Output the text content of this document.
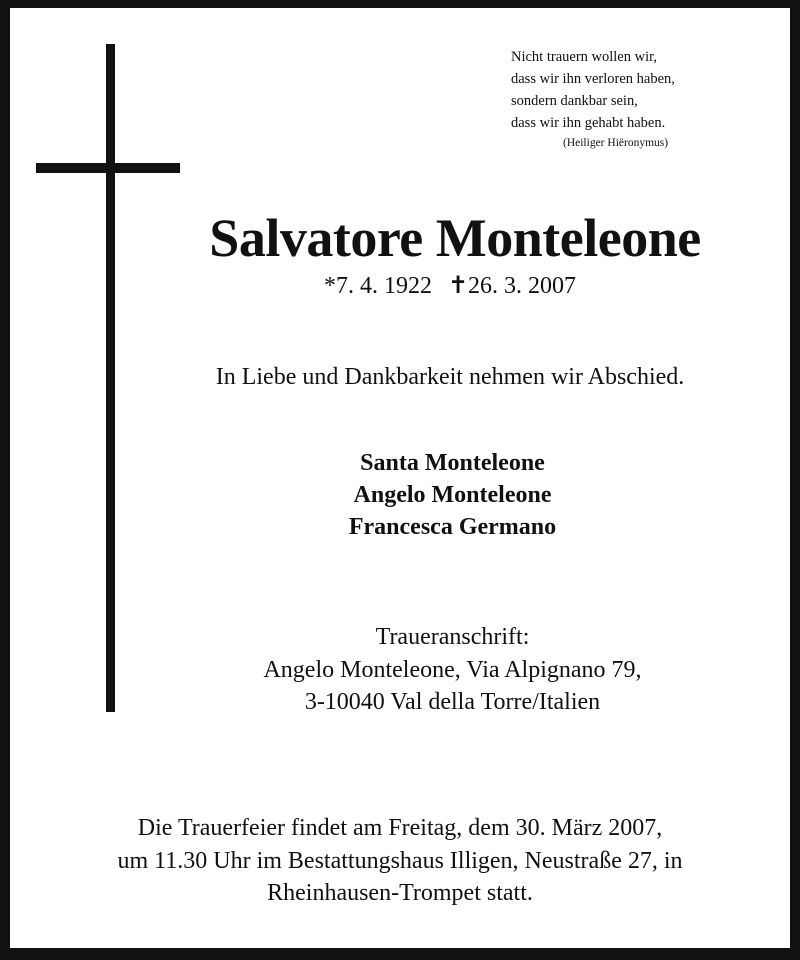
Nicht trauern wollen wir,
dass wir ihn verloren haben,
sondern dankbar sein,
dass wir ihn gehabt haben.
(Heiliger Hiëronymus)
Salvatore Monteleone
*7. 4. 1922 ✝26. 3. 2007
In Liebe und Dankbarkeit nehmen wir Abschied.
Santa Monteleone
Angelo Monteleone
Francesca Germano
Traueranschrift:
Angelo Monteleone, Via Alpignano 79,
3-10040 Val della Torre/Italien
Die Trauerfeier findet am Freitag, dem 30. März 2007,
um 11.30 Uhr im Bestattungshaus Illigen, Neustraße 27, in
Rheinhausen-Trompet statt.
